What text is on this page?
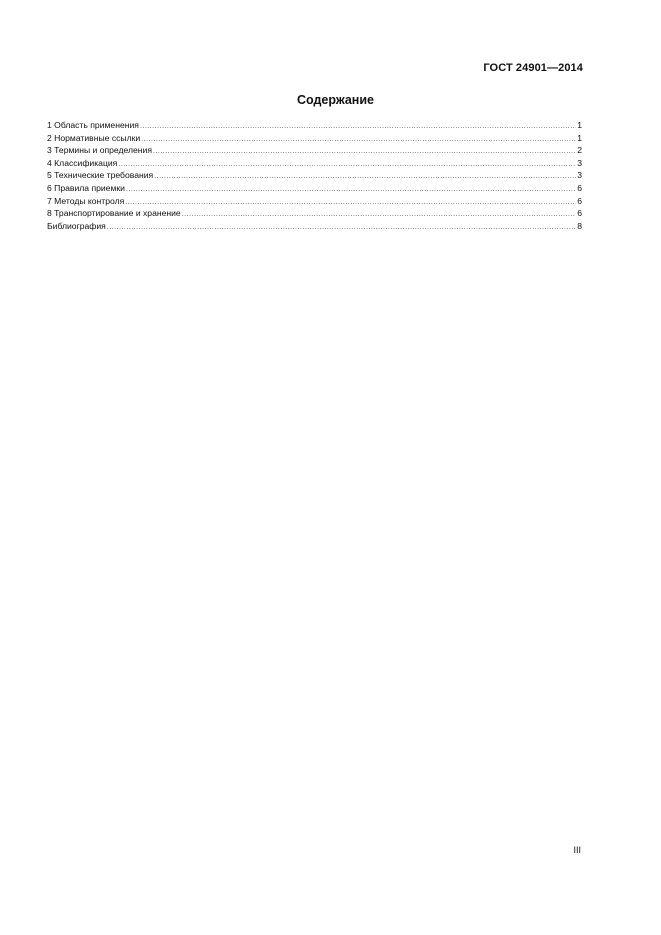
ГОСТ 24901—2014
Содержание
1 Область применения .....	1
2 Нормативные ссылки .....	1
3 Термины и определения .....	2
4 Классификация .....	3
5 Технические требования .....	3
6 Правила приемки .....	6
7 Методы контроля .....	6
8 Транспортирование и хранение .....	6
Библиография .....	8
III
